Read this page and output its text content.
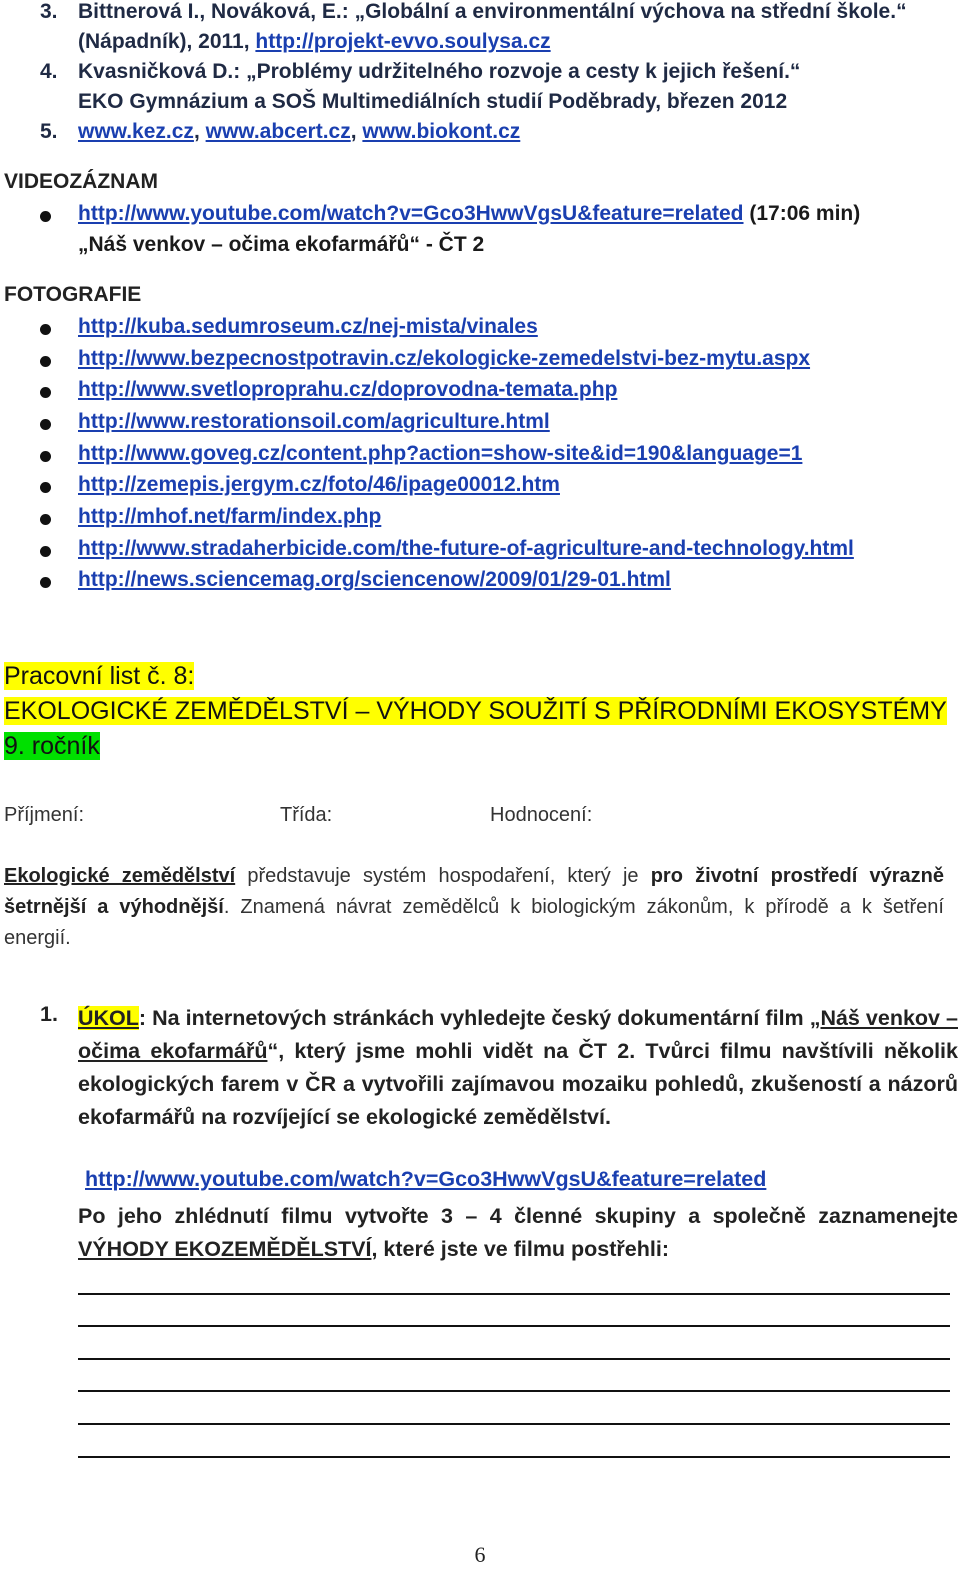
3. Bittnerová I., Nováková, E.: „Globální a environmentální výchova na střední škole.“
(Nápadník), 2011, http://projekt-evvo.soulysa.cz
4. Kvasničková D.: „Problémy udržitelného rozvoje a cesty k jejich řešení.“
EKO Gymnázium a SOŠ Multimediálních studií Poděbrady, březen 2012
5. www.kez.cz, www.abcert.cz, www.biokont.cz
VIDEOZÁZNAM
http://www.youtube.com/watch?v=Gco3HwwVgsU&feature=related (17:06 min)
„Náš venkov – očima ekofarmářů“ - ČT 2
FOTOGRAFIE
http://kuba.sedumroseum.cz/nej-mista/vinales
http://www.bezpecnostpotravin.cz/ekologicke-zemedelstvi-bez-mytu.aspx
http://www.svetloproprahu.cz/doprovodna-temata.php
http://www.restorationsoil.com/agriculture.html
http://www.goveg.cz/content.php?action=show-site&id=190&language=1
http://zemepis.jergym.cz/foto/46/ipage00012.htm
http://mhof.net/farm/index.php
http://www.stradaherbicide.com/the-future-of-agriculture-and-technology.html
http://news.sciencemag.org/sciencenow/2009/01/29-01.html
Pracovní list č. 8:
EKOLOGICKÉ ZEMĚDĚLSTVÍ – VÝHODY SOUŽITÍ S PŘÍRODNÍMI EKOSYSTÉMY
9. ročník
Příjmení:	Třída:	Hodnocení:
Ekologické zemědělství představuje systém hospodaření, který je pro životní prostředí výrazně šetrnější a výhodnější. Znamená návrat zemědělců k biologickým zákonům, k přírodě a k šetření energií.
1. ÚKOL: Na internetových stránkách vyhledejte český dokumentární film „Náš venkov – očima ekofarmářů“, který jsme mohli vidět na ČT 2. Tvůrci filmu navštívili několik ekologických farem v ČR a vytvořili zajímavou mozaiku pohledů, zkušeností a názorů ekofarmářů na rozvíjející se ekologické zemědělství.
http://www.youtube.com/watch?v=Gco3HwwVgsU&feature=related
Po jeho zhlédnutí filmu vytvořte 3 – 4 členné skupiny a společně zaznamenejte VÝHODY EKOZEMĚDĚLSTVÍ, které jste ve filmu postřehli:
6
